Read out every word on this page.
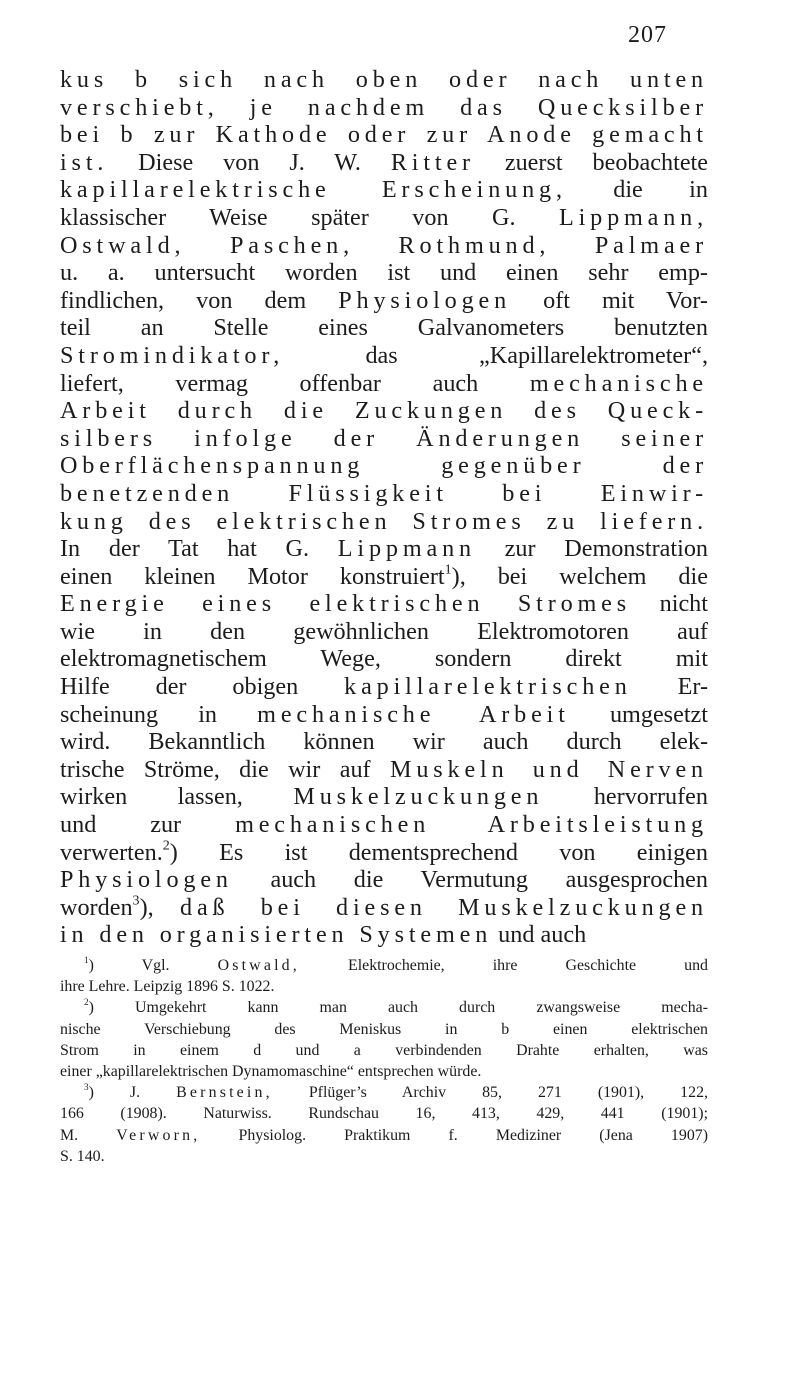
207
kus b sich nach oben oder nach unten
verschiebt, je nachdem das Quecksilber
bei b zur Kathode oder zur Anode gemacht
ist. Diese von J. W. Ritter zuerst beobachtete
kapillarelektrische Erscheinung, die in
klassischer Weise später von G. Lippmann,
Ostwald, Paschen, Rothmund, Palmaer
u. a. untersucht worden ist und einen sehr emp-
findlichen, von dem Physiologen oft mit Vor-
teil an Stelle eines Galvanometers benutzten
Stromindikator, das „Kapillarelektrometer“,
liefert, vermag offenbar auch mechanische
Arbeit durch die Zuckungen des Queck-
silbers infolge der Änderungen seiner
Oberflächenspannung gegenüber der
benetzenden Flüssigkeit bei Einwir-
kung des elektrischen Stromes zu liefern.
In der Tat hat G. Lippmann zur Demonstration
einen kleinen Motor konstruiert$^1$), bei welchem die
Energie eines elektrischen Stromes nicht
wie in den gewöhnlichen Elektromotoren auf
elektromagnetischem Wege, sondern direkt mit
Hilfe der obigen kapillarelektrischen Er-
scheinung in mechanische Arbeit umgesetzt
wird. Bekanntlich können wir auch durch elek-
trische Ströme, die wir auf Muskeln und Nerven
wirken lassen, Muskelzuckungen hervorrufen
und zur mechanischen Arbeitsleistung
verwerten.$^2$) Es ist dementsprechend von einigen
Physiologen auch die Vermutung ausgesprochen
worden$^3$), daß bei diesen Muskelzuckungen
in den organisierten Systemen und auch
$^1$) Vgl. Ostwald, Elektrochemie, ihre Geschichte und
ihre Lehre. Leipzig 1896 S. 1022.
$^2$) Umgekehrt kann man auch durch zwangsweise mecha-
nische Verschiebung des Meniskus in b einen elektrischen
Strom in einem d und a verbindenden Drahte erhalten, was
einer „kapillarelektrischen Dynamomaschine“ entsprechen würde.
$^3$) J. Bernstein, Pflüger’s Archiv 85, 271 (1901), 122,
166 (1908). Naturwiss. Rundschau 16, 413, 429, 441 (1901);
M. Verworn, Physiolog. Praktikum f. Mediziner (Jena 1907)
S. 140.
